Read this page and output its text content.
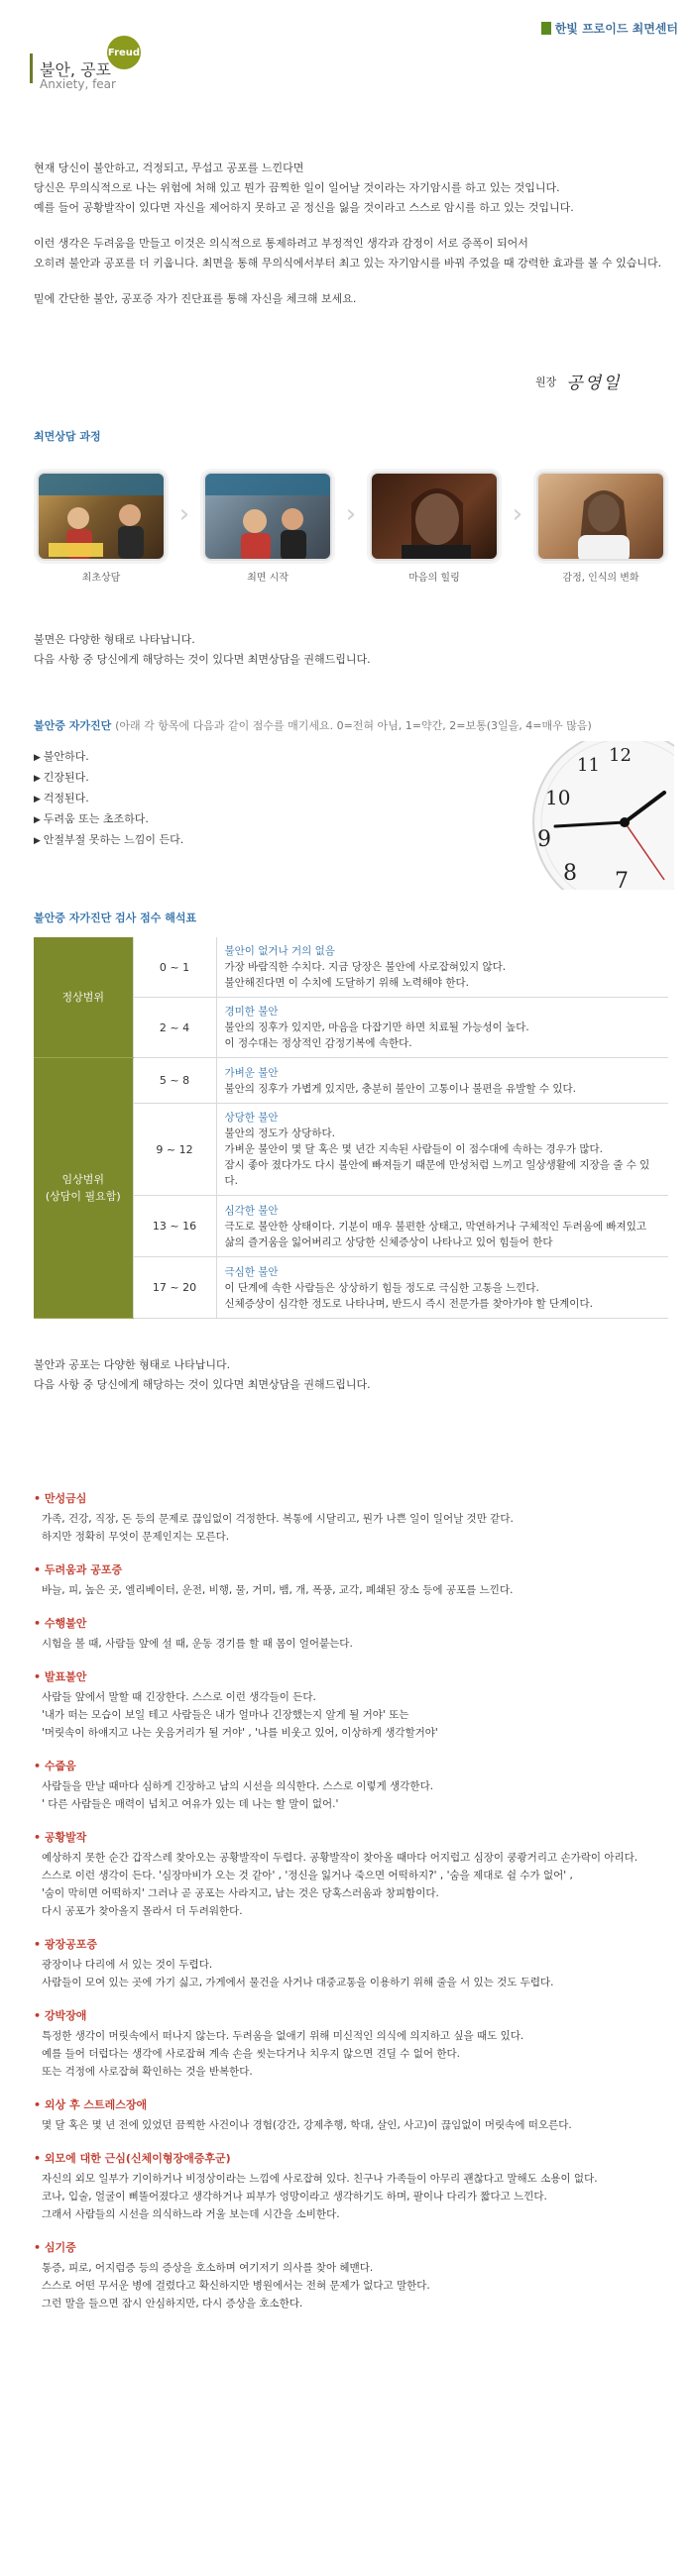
한빛 프로이드 최면센터
Freud
불안, 공포
Anxiety, fear

현재 당신이 불안하고, 걱정되고, 무섭고 공포를 느낀다면
당신은 무의식적으로 나는 위험에 처해 있고 뭔가 끔찍한 일이 일어날 것이라는 자기암시를 하고 있는 것입니다.
예를 들어 공황발작이 있다면 자신을 제어하지 못하고 곧 정신을 잃을 것이라고 스스로 암시를 하고 있는 것입니다.

이런 생각은 두려움을 만들고 이것은 의식적으로 통제하려고 부정적인 생각과 감정이 서로 증폭이 되어서
오히려 불안과 공포를 더 키웁니다. 최면을 통해 무의식에서부터 최고 있는 자기암시를 바꿔 주었을 때 강력한 효과를 볼 수 있습니다.

밑에 간단한 불안, 공포증 자가 진단표를 통해 자신을 체크해 보세요.

원장 공영일
최면상담 과정
최초상담
›
최면 시작
›
마음의 힐링
›
감정, 인식의 변화
불면은 다양한 형태로 나타납니다.
다음 사항 중 당신에게 해당하는 것이 있다면 최면상담을 권해드립니다.
불안증 자가진단 (아래 각 항목에 다음과 같이 점수를 매기세요. 0=전혀 아님, 1=약간, 2=보통(3일을, 4=매우 많음)
▶ 불안하다.
▶ 긴장된다.
▶ 걱정된다.
▶ 두려움 또는 초조하다.
▶ 안절부절 못하는 느낌이 든다.
11 12
10
9
8 7
불안증 자가진단 검사 점수 해석표
정상범위	0 ~ 1	불안이 없거나 거의 없음
가장 바람직한 수치다. 지금 당장은 불안에 사로잡혀있지 않다.
불안해진다면 이 수치에 도달하기 위해 노력해야 한다.

	2 ~ 4	경미한 불안
불안의 징후가 있지만, 마음을 다잡기만 하면 치료될 가능성이 높다.
이 정수대는 정상적인 감정기복에 속한다.

임상범위
(상담이 필요함)	5 ~ 8	가벼운 불안
불안의 징후가 가볍게 있지만, 충분히 불안이 고통이나 불편을 유발할 수 있다.

	9 ~ 12	상당한 불안
불안의 정도가 상당하다.
가벼운 불안이 몇 달 혹은 몇 년간 지속된 사람들이 이 점수대에 속하는 경우가 많다.
잠시 좋아 졌다가도 다시 불안에 빠져들기 때문에 만성처럼 느끼고 일상생활에 지장을 줄 수 있다.

	13 ~ 16	심각한 불안
극도로 불안한 상태이다. 기분이 매우 불편한 상태고, 막연하거나 구체적인 두려움에 빠져있고
삶의 즐거움을 잃어버리고 상당한 신체증상이 나타나고 있어 힘들어 한다

	17 ~ 20	극심한 불안
이 단계에 속한 사람들은 상상하기 힘들 정도로 극심한 고통을 느낀다.
신체증상이 심각한 정도로 나타나며, 반드시 즉시 전문가를 찾아가야 할 단계이다.
불안과 공포는 다양한 형태로 나타납니다.
다음 사항 중 당신에게 해당하는 것이 있다면 최면상담을 권해드립니다.
• 만성금심
가족, 건강, 직장, 돈 등의 문제로 끊임없이 걱정한다. 복통에 시달리고, 뭔가 나쁜 일이 일어날 것만 같다.
하지만 정확히 무엇이 문제인지는 모른다.
• 두려움과 공포증
바늘, 피, 높은 곳, 엘리베이터, 운전, 비행, 물, 거미, 뱀, 개, 폭풍, 교각, 폐쇄된 장소 등에 공포를 느낀다.
• 수행불안
시험을 볼 때, 사람들 앞에 설 때, 운동 경기를 할 때 몸이 얼어붙는다.
• 발표불안
사람들 앞에서 말할 때 긴장한다. 스스로 이런 생각들이 든다.
'내가 떠는 모습이 보일 테고 사람들은 내가 얼마나 긴장했는지 알게 될 거야' 또는
'머릿속이 하얘지고 나는 웃음거리가 될 거야' , '나를 비웃고 있어, 이상하게 생각할거야'
• 수줍음
사람들을 만날 때마다 심하게 긴장하고 남의 시선을 의식한다. 스스로 이렇게 생각한다.
' 다른 사람들은 매력이 넘치고 여유가 있는 데 나는 할 말이 없어.'
• 공황발작
예상하지 못한 순간 갑작스레 찾아오는 공황발작이 두렵다. 공황발작이 찾아올 때마다 어지럽고 심장이 쿵쾅거리고 손가락이 아리다.
스스로 이런 생각이 든다. '심장마비가 오는 것 같아' , '정신을 잃거나 죽으면 어떡하지?' , '숨을 제대로 쉴 수가 없어' ,
'숨이 막히면 어떡하지' 그러나 곧 공포는 사라지고, 남는 것은 당혹스러움과 창피함이다.
다시 공포가 찾아올지 몰라서 더 두려워한다.
• 광장공포증
광장이나 다리에 서 있는 것이 두렵다.
사람들이 모여 있는 곳에 가기 싫고, 가게에서 물건을 사거나 대중교통을 이용하기 위해 줄을 서 있는 것도 두렵다.
• 강박장애
특정한 생각이 머릿속에서 떠나지 않는다. 두려움을 없애기 위해 미신적인 의식에 의지하고 싶을 때도 있다.
예를 들어 더럽다는 생각에 사로잡혀 계속 손을 씻는다거나 치우지 않으면 견딜 수 없어 한다.
또는 걱정에 사로잡혀 확인하는 것을 반복한다.
• 외상 후 스트레스장애
몇 달 혹은 몇 년 전에 있었던 끔찍한 사건이나 경험(강간, 강제추행, 학대, 살인, 사고)이 끊임없이 머릿속에 떠오른다.
• 외모에 대한 근심(신체이형장애증후군)
자신의 외모 일부가 기이하거나 비정상이라는 느낌에 사로잡혀 있다. 친구나 가족들이 아무리 괜찮다고 말해도 소용이 없다.
코나, 입술, 얼굴이 삐뚤어졌다고 생각하거나 피부가 엉망이라고 생각하기도 하며, 팔이나 다리가 짧다고 느낀다.
그래서 사람들의 시선을 의식하느라 거울 보는데 시간을 소비한다.
• 심기증
통증, 피로, 어지럼증 등의 증상을 호소하며 여기저기 의사를 찾아 헤맨다.
스스로 어떤 무서운 병에 걸렸다고 확신하지만 병원에서는 전혀 문제가 없다고 말한다.
그런 말을 들으면 잠시 안심하지만, 다시 증상을 호소한다.
